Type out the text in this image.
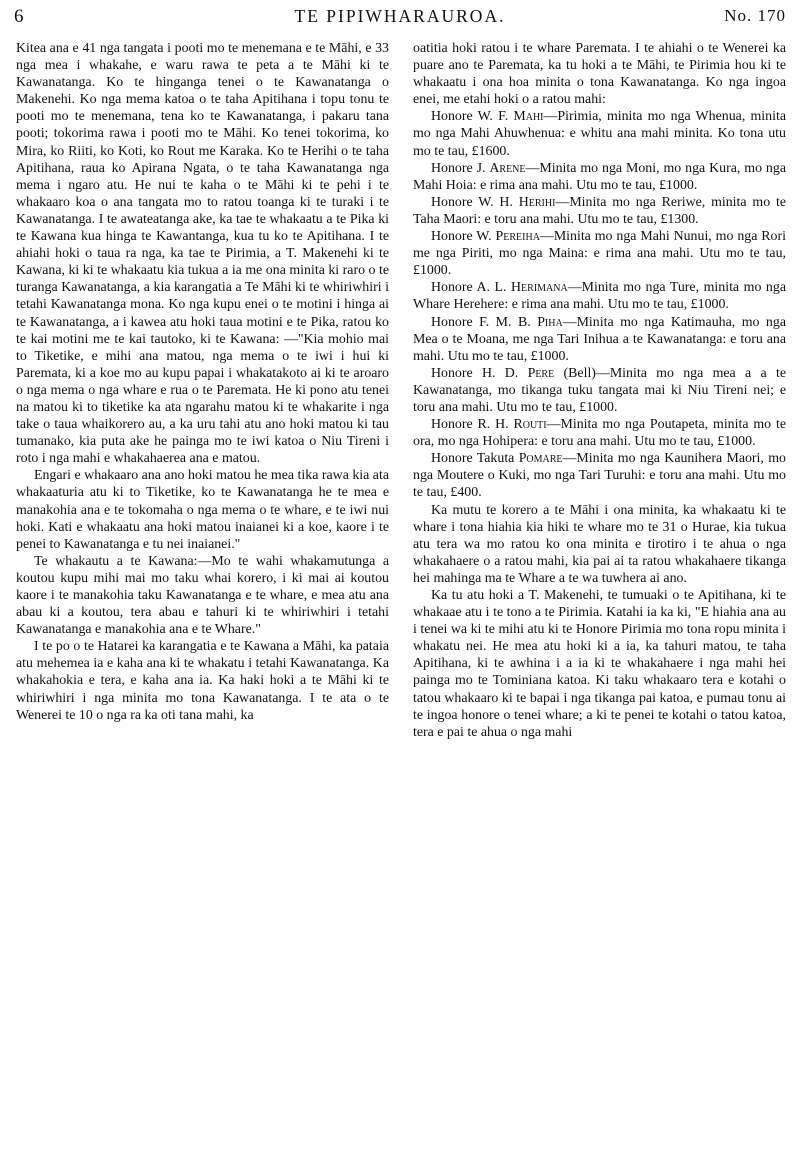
6	TE PIPIWHARAUROA.	No. 170

Kitea ana e 41 nga tangata i pooti mo te menemana e te Māhi, e 33 nga mea i whakahe, e waru rawa te peta a te Māhi ki te Kawanatanga. Ko te hinganga tenei o te Kawanatanga o Makenehi. Ko nga mema katoa o te taha Apitihana i topu tonu te pooti mo te menemana, tena ko te Kawanatanga, i pakaru tana pooti; tokorima rawa i pooti mo te Māhi. Ko tenei tokorima, ko Mira, ko Riiti, ko Koti, ko Rout me Karaka. Ko te Herihi o te taha Apitihana, raua ko Apirana Ngata, o te taha Kawanatanga nga mema i ngaro atu. He nui te kaha o te Māhi ki te pehi i te whakaaro koa o ana tangata mo to ratou toanga ki te turaki i te Kawanatanga. I te awateatanga ake, ka tae te whakaatu a te Pika ki te Kawana kua hinga te Kawantanga, kua tu ko te Apitihana. I te ahiahi hoki o taua ra nga, ka tae te Pirimia, a T. Makenehi ki te Kawana, ki ki te whakaatu kia tukua a ia me ona minita ki raro o te turanga Kawanatanga, a kia karangatia a Te Māhi ki te whiriwhiri i tetahi Kawanatanga mona. Ko nga kupu enei o te motini i hinga ai te Kawanatanga, a i kawea atu hoki taua motini e te Pika, ratou ko te kai motini me te kai tautoko, ki te Kawana: —"Kia mohio mai to Tiketike, e mihi ana matou, nga mema o te iwi i hui ki Paremata, ki a koe mo au kupu papai i whakatakoto ai ki te aroaro o nga mema o nga whare e rua o te Paremata. He ki pono atu tenei na matou ki to tiketike ka ata ngarahu matou ki te whakarite i nga take o taua whaikorero au, a ka uru tahi atu ano hoki matou ki tau tumanako, kia puta ake he painga mo te iwi katoa o Niu Tireni i roto i nga mahi e whakahaerea ana e matou.

Engari e whakaaro ana ano hoki matou he mea tika rawa kia ata whakaaturia atu ki to Tiketike, ko te Kawanatanga he te mea e manakohia ana e te tokomaha o nga mema o te whare, e te iwi nui hoki. Kati e whakaatu ana hoki matou inaianei ki a koe, kaore i te penei to Kawanatanga e tu nei inaianei."

Te whakautu a te Kawana:—Mo te wahi whakamutunga a koutou kupu mihi mai mo taku whai korero, i ki mai ai koutou kaore i te manakohia taku Kawanatanga e te whare, e mea atu ana abau ki a koutou, tera abau e tahuri ki te whiriwhiri i tetahi Kawanatanga e manakohia ana e te Whare."

I te po o te Hatarei ka karangatia e te Kawana a Māhi, ka pataia atu mehemea ia e kaha ana ki te whakatu i tetahi Kawanatanga. Ka whakahokia e tera, e kaha ana ia. Ka haki hoki a te Māhi ki te whiriwhiri i nga minita mo tona Kawanatanga. I te ata o te Wenerei te 10 o nga ra ka oti tana mahi, ka

oatitia hoki ratou i te whare Paremata. I te ahiahi o te Wenerei ka puare ano te Paremata, ka tu hoki a te Māhi, te Pirimia hou ki te whakaatu i ona hoa minita o tona Kawanatanga. Ko nga ingoa enei, me etahi hoki o a ratou mahi:

Honore W. F. Mahi—Pirimia, minita mo nga Whenua, minita mo nga Mahi Ahuwhenua: e whitu ana mahi minita. Ko tona utu mo te tau, £1600.

Honore J. Arene—Minita mo nga Moni, mo nga Kura, mo nga Mahi Hoia: e rima ana mahi. Utu mo te tau, £1000.

Honore W. H. Herihi—Minita mo nga Reriwe, minita mo te Taha Maori: e toru ana mahi. Utu mo te tau, £1300.

Honore W. Pereiha—Minita mo nga Mahi Nunui, mo nga Rori me nga Piriti, mo nga Maina: e rima ana mahi. Utu mo te tau, £1000.

Honore A. L. Herimana—Minita mo nga Ture, minita mo nga Whare Herehere: e rima ana mahi. Utu mo te tau, £1000.

Honore F. M. B. Piha—Minita mo nga Katimauha, mo nga Mea o te Moana, me nga Tari Inihua a te Kawanatanga: e toru ana mahi. Utu mo te tau, £1000.

Honore H. D. Pere (Bell)—Minita mo nga mea a a te Kawanatanga, mo tikanga tuku tangata mai ki Niu Tireni nei; e toru ana mahi. Utu mo te tau, £1000.

Honore R. H. Routi—Minita mo nga Poutapeta, minita mo te ora, mo nga Hohipera: e toru ana mahi. Utu mo te tau, £1000.

Honore Takuta Pomare—Minita mo nga Kaunihera Maori, mo nga Moutere o Kuki, mo nga Tari Turuhi: e toru ana mahi. Utu mo te tau, £400.

Ka mutu te korero a te Māhi i ona minita, ka whakaatu ki te whare i tona hiahia kia hiki te whare mo te 31 o Hurae, kia tukua atu tera wa mo ratou ko ona minita e tirotiro i te ahua o nga whakahaere o a ratou mahi, kia pai ai ta ratou whakahaere tikanga hei mahinga ma te Whare a te wa tuwhera ai ano.

Ka tu atu hoki a T. Makenehi, te tumuaki o te Apitihana, ki te whakaae atu i te tono a te Pirimia. Katahi ia ka ki, "E hiahia ana au i tenei wa ki te mihi atu ki te Honore Pirimia mo tona ropu minita i whakatu nei. He mea atu hoki ki a ia, ka tahuri matou, te taha Apitihana, ki te awhina i a ia ki te whakahaere i nga mahi hei painga mo te Tominiana katoa. Ki taku whakaaro tera e kotahi o tatou whakaaro ki te bapai i nga tikanga pai katoa, e pumau tonu ai te ingoa honore o tenei whare; a ki te penei te kotahi o tatou katoa, tera e pai te ahua o nga mahi
